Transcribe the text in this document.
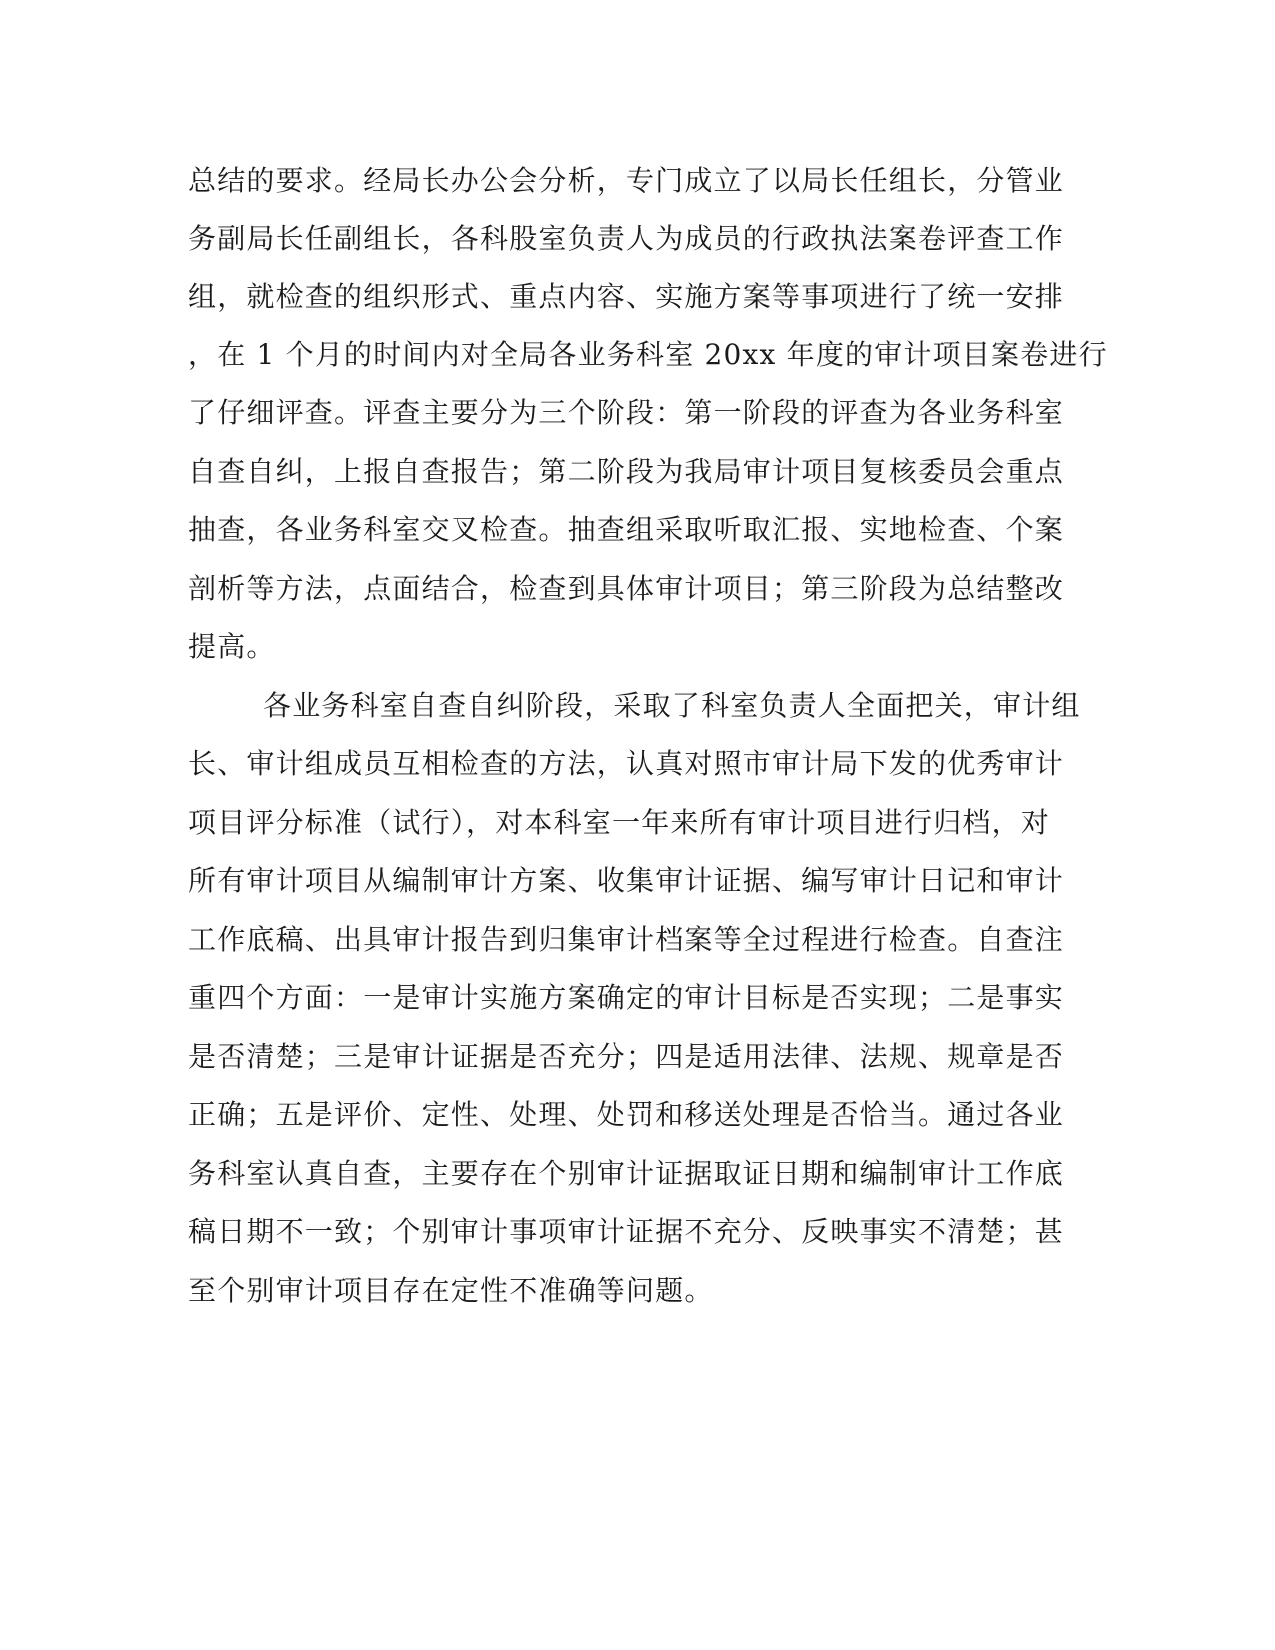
总结的要求。经局长办公会分析，专门成立了以局长任组长，分管业

务副局长任副组长，各科股室负责人为成员的行政执法案卷评查工作

组，就检查的组织形式、重点内容、实施方案等事项进行了统一安排

，在 1 个月的时间内对全局各业务科室 20xx 年度的审计项目案卷进行

了仔细评查。评查主要分为三个阶段：第一阶段的评查为各业务科室

自查自纠，上报自查报告；第二阶段为我局审计项目复核委员会重点

抽查，各业务科室交叉检查。抽查组采取听取汇报、实地检查、个案

剖析等方法，点面结合，检查到具体审计项目；第三阶段为总结整改

提高。

各业务科室自查自纠阶段，采取了科室负责人全面把关，审计组

长、审计组成员互相检查的方法，认真对照市审计局下发的优秀审计

项目评分标准（试行），对本科室一年来所有审计项目进行归档，对

所有审计项目从编制审计方案、收集审计证据、编写审计日记和审计

工作底稿、出具审计报告到归集审计档案等全过程进行检查。自查注

重四个方面：一是审计实施方案确定的审计目标是否实现；二是事实

是否清楚；三是审计证据是否充分；四是适用法律、法规、规章是否

正确；五是评价、定性、处理、处罚和移送处理是否恰当。通过各业

务科室认真自查，主要存在个别审计证据取证日期和编制审计工作底

稿日期不一致；个别审计事项审计证据不充分、反映事实不清楚；甚

至个别审计项目存在定性不准确等问题。
